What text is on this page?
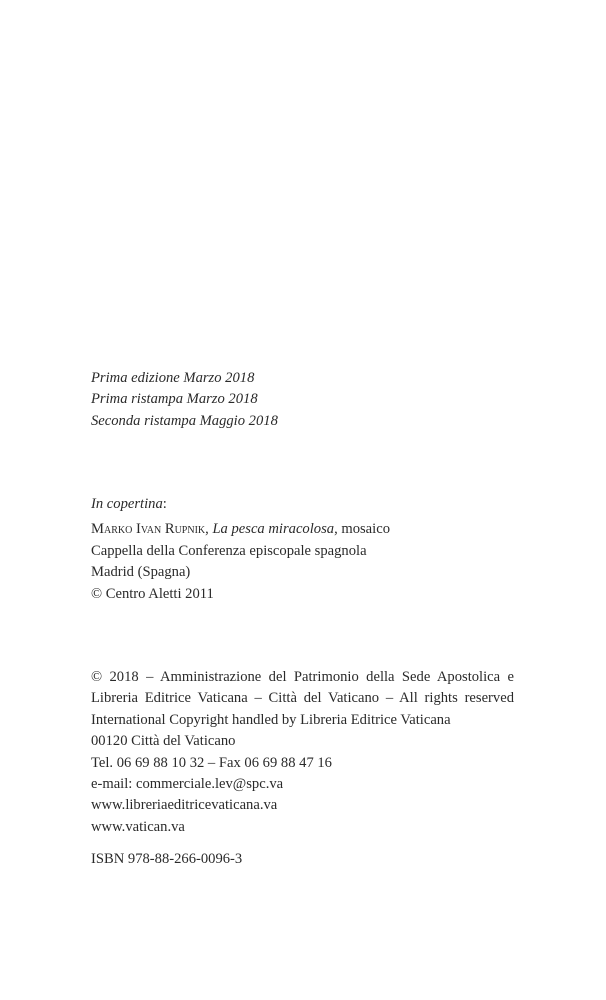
Prima edizione Marzo 2018
Prima ristampa Marzo 2018
Seconda ristampa Maggio 2018
In copertina:
Marko Ivan Rupnik, La pesca miracolosa, mosaico
Cappella della Conferenza episcopale spagnola
Madrid (Spagna)
© Centro Aletti 2011
© 2018 – Amministrazione del Patrimonio della Sede Apostolica e
Libreria Editrice Vaticana – Città del Vaticano – All rights reserved
International Copyright handled by Libreria Editrice Vaticana
00120 Città del Vaticano
Tel. 06 69 88 10 32 – Fax 06 69 88 47 16
e-mail: commerciale.lev@spc.va
www.libreriaeditricevaticana.va
www.vatican.va
ISBN 978-88-266-0096-3
